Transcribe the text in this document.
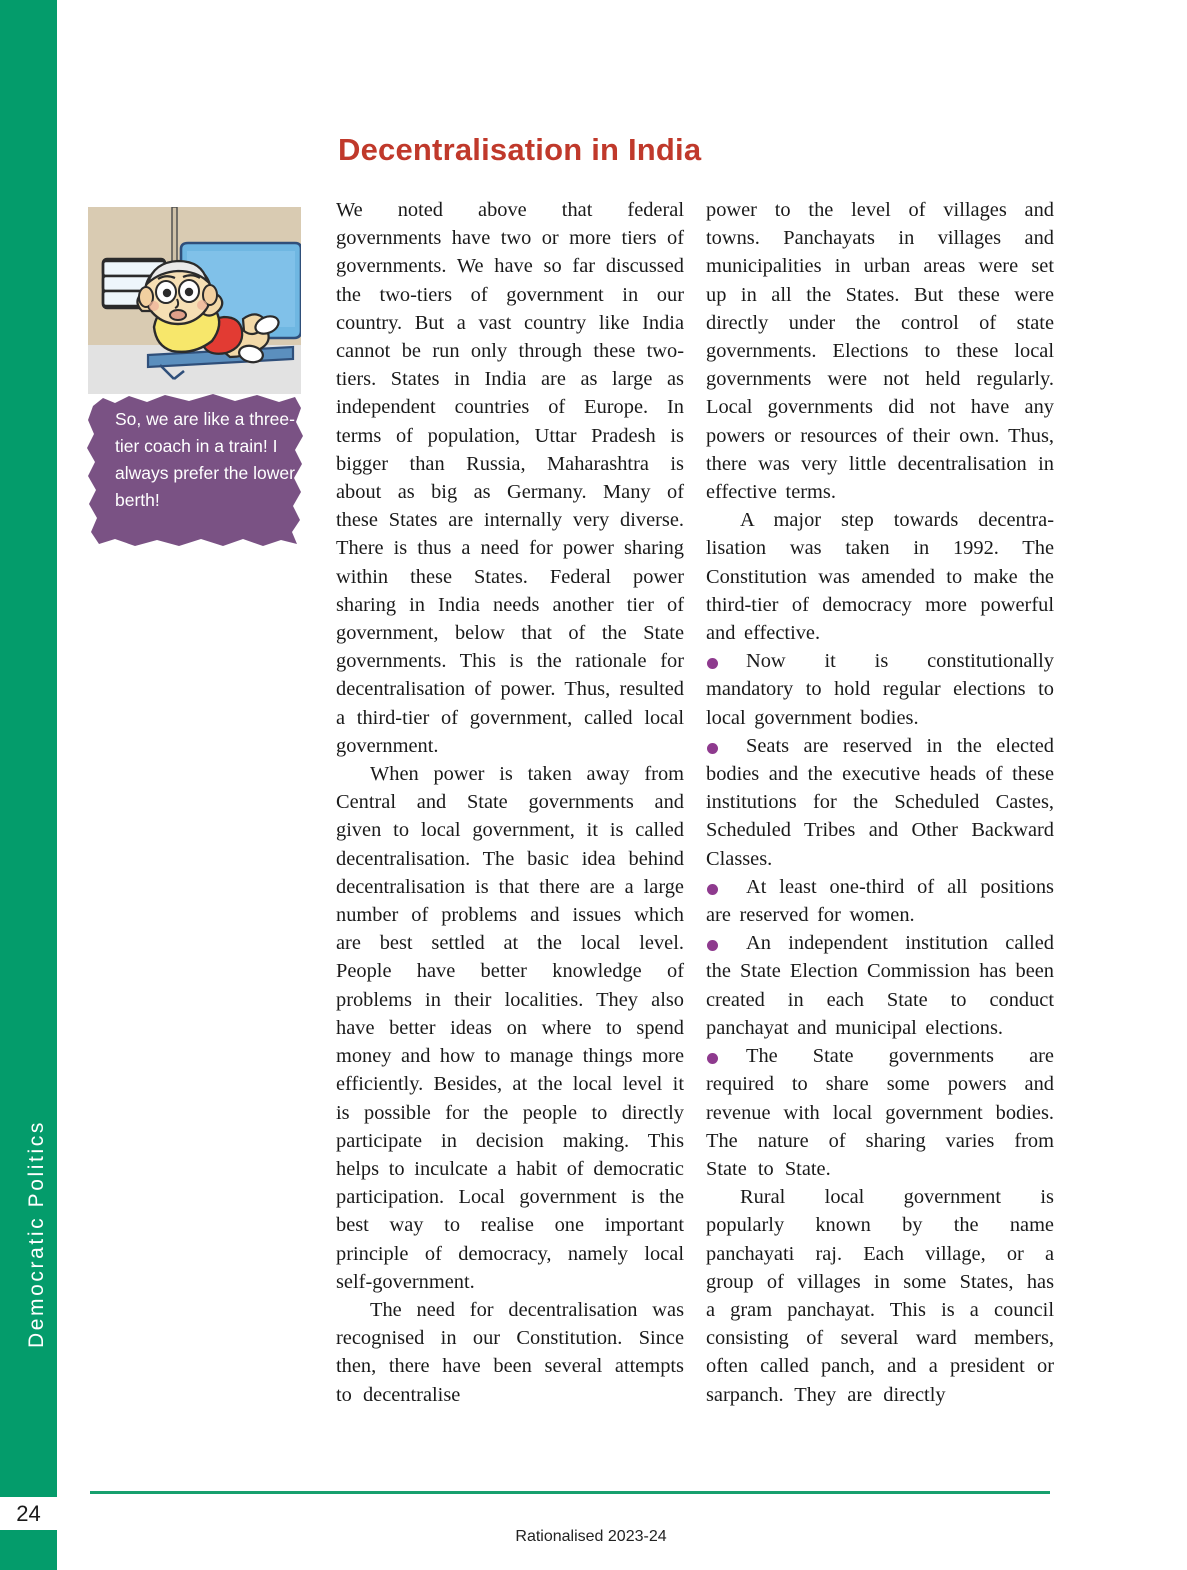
24
Democratic Politics
Decentralisation in India
So, we are like a three-tier coach in a train! I always prefer the lower berth!

We noted above that federal governments have two or more tiers of governments. We have so far discussed the two-tiers of government in our country. But a vast country like India cannot be run only through these two-tiers. States in India are as large as independent countries of Europe. In terms of population, Uttar Pradesh is bigger than Russia, Maharashtra is about as big as Germany. Many of these States are internally very diverse. There is thus a need for power sharing within these States. Federal power sharing in India needs another tier of government, below that of the State governments. This is the rationale for decentralisation of power. Thus, resulted a third-tier of government, called local government.

When power is taken away from Central and State governments and given to local government, it is called decentralisation. The basic idea behind decentralisation is that there are a large number of problems and issues which are best settled at the local level. People have better knowledge of problems in their localities. They also have better ideas on where to spend money and how to manage things more efficiently. Besides, at the local level it is possible for the people to directly participate in decision making. This helps to inculcate a habit of democratic participation. Local government is the best way to realise one important principle of democracy, namely local self-government.

The need for decentralisation was recognised in our Constitution. Since then, there have been several attempts to decentralise

power to the level of villages and towns. Panchayats in villages and municipalities in urban areas were set up in all the States. But these were directly under the control of state governments. Elections to these local governments were not held regularly. Local governments did not have any powers or resources of their own. Thus, there was very little decentralisation in effective terms.

A major step towards decentra-lisation was taken in 1992. The Constitution was amended to make the third-tier of democracy more powerful and effective.

Now it is constitutionally mandatory to hold regular elections to local government bodies.

Seats are reserved in the elected bodies and the executive heads of these institutions for the Scheduled Castes, Scheduled Tribes and Other Backward Classes.

At least one-third of all positions are reserved for women.

An independent institution called the State Election Commission has been created in each State to conduct panchayat and municipal elections.

The State governments are required to share some powers and revenue with local government bodies. The nature of sharing varies from State to State.

Rural local government is popularly known by the name panchayati raj. Each village, or a group of villages in some States, has a gram panchayat. This is a council consisting of several ward members, often called panch, and a president or sarpanch. They are directly

Rationalised 2023-24
